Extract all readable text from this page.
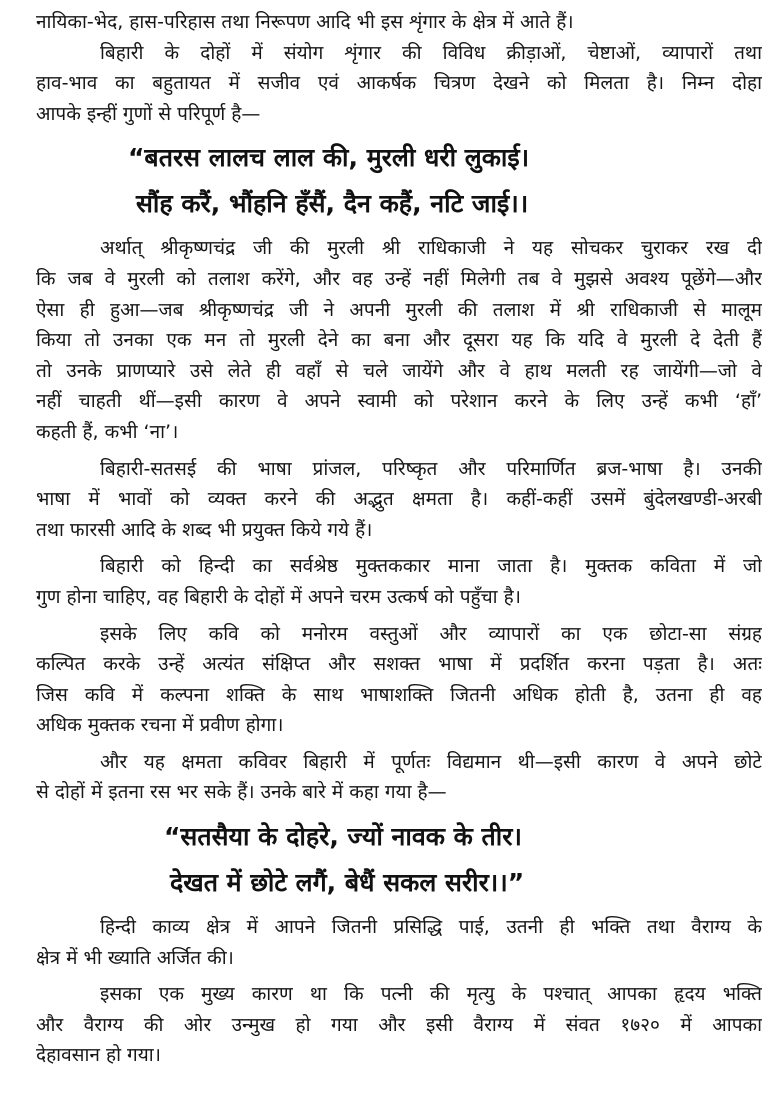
नायिका-भेद, हास-परिहास तथा निरूपण आदि भी इस शृंगार के क्षेत्र में आते हैं।
बिहारी के दोहों में संयोग शृंगार की विविध क्रीड़ाओं, चेष्टाओं, व्यापारों तथा
हाव-भाव का बहुतायत में सजीव एवं आकर्षक चित्रण देखने को मिलता है। निम्न दोहा
आपके इन्हीं गुणों से परिपूर्ण है—
“बतरस लालच लाल की, मुरली धरी लुकाई।
सौंह करैं, भौंहनि हँसैं, दैन कहैं, नटि जाई।।
अर्थात् श्रीकृष्णचंद्र जी की मुरली श्री राधिकाजी ने यह सोचकर चुराकर रख दी
कि जब वे मुरली को तलाश करेंगे, और वह उन्हें नहीं मिलेगी तब वे मुझसे अवश्य पूछेंगे—और
ऐसा ही हुआ—जब श्रीकृष्णचंद्र जी ने अपनी मुरली की तलाश में श्री राधिकाजी से मालूम
किया तो उनका एक मन तो मुरली देने का बना और दूसरा यह कि यदि वे मुरली दे देती हैं
तो उनके प्राणप्यारे उसे लेते ही वहाँ से चले जायेंगे और वे हाथ मलती रह जायेंगी—जो वे
नहीं चाहती थीं—इसी कारण वे अपने स्वामी को परेशान करने के लिए उन्हें कभी ‘हाँ’
कहती हैं, कभी ‘ना’।
बिहारी-सतसई की भाषा प्रांजल, परिष्कृत और परिमार्णित ब्रज-भाषा है। उनकी
भाषा में भावों को व्यक्त करने की अद्भुत क्षमता है। कहीं-कहीं उसमें बुंदेलखण्डी-अरबी
तथा फारसी आदि के शब्द भी प्रयुक्त किये गये हैं।
बिहारी को हिन्दी का सर्वश्रेष्ठ मुक्तककार माना जाता है। मुक्तक कविता में जो
गुण होना चाहिए, वह बिहारी के दोहों में अपने चरम उत्कर्ष को पहुँचा है।
इसके लिए कवि को मनोरम वस्तुओं और व्यापारों का एक छोटा-सा संग्रह
कल्पित करके उन्हें अत्यंत संक्षिप्त और सशक्त भाषा में प्रदर्शित करना पड़ता है। अतः
जिस कवि में कल्पना शक्ति के साथ भाषाशक्ति जितनी अधिक होती है, उतना ही वह
अधिक मुक्तक रचना में प्रवीण होगा।
और यह क्षमता कविवर बिहारी में पूर्णतः विद्यमान थी—इसी कारण वे अपने छोटे
से दोहों में इतना रस भर सके हैं। उनके बारे में कहा गया है—
“सतसैया के दोहरे, ज्यों नावक के तीर।
देखत में छोटे लगैं, बेधैं सकल सरीर।।”
हिन्दी काव्य क्षेत्र में आपने जितनी प्रसिद्धि पाई, उतनी ही भक्ति तथा वैराग्य के
क्षेत्र में भी ख्याति अर्जित की।
इसका एक मुख्य कारण था कि पत्नी की मृत्यु के पश्चात् आपका हृदय भक्ति
और वैराग्य की ओर उन्मुख हो गया और इसी वैराग्य में संवत १७२० में आपका
देहावसान हो गया।
